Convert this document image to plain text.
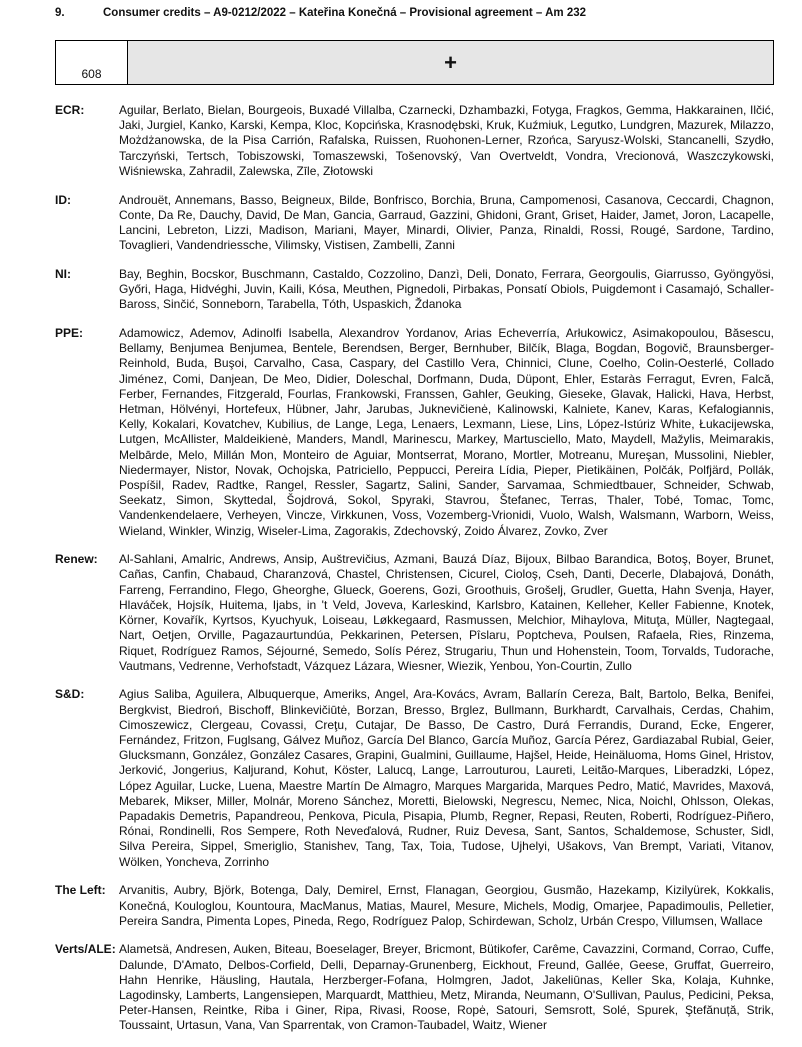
9.	Consumer credits – A9-0212/2022 – Kateřina Konečná – Provisional agreement – Am 232
608	+
ECR:	Aguilar, Berlato, Bielan, Bourgeois, Buxadé Villalba, Czarnecki, Dzhambazki, Fotyga, Fragkos, Gemma, Hakkarainen, Ilčić, Jaki, Jurgiel, Kanko, Karski, Kempa, Kloc, Kopcińska, Krasnodębski, Kruk, Kuźmiuk, Legutko, Lundgren, Mazurek, Milazzo, Możdżanowska, de la Pisa Carrión, Rafalska, Ruissen, Ruohonen-Lerner, Rzońca, Saryusz-Wolski, Stancanelli, Szydło, Tarczyński, Tertsch, Tobiszowski, Tomaszewski, Tošenovský, Van Overtveldt, Vondra, Vrecionová, Waszczykowski, Wiśniewska, Zahradil, Zalewska, Zīle, Złotowski
ID:	Androuët, Annemans, Basso, Beigneux, Bilde, Bonfrisco, Borchia, Bruna, Campomenosi, Casanova, Ceccardi, Chagnon, Conte, Da Re, Dauchy, David, De Man, Gancia, Garraud, Gazzini, Ghidoni, Grant, Griset, Haider, Jamet, Joron, Lacapelle, Lancini, Lebreton, Lizzi, Madison, Mariani, Mayer, Minardi, Olivier, Panza, Rinaldi, Rossi, Rougé, Sardone, Tardino, Tovaglieri, Vandendriessche, Vilimsky, Vistisen, Zambelli, Zanni
NI:	Bay, Beghin, Bocskor, Buschmann, Castaldo, Cozzolino, Danzì, Deli, Donato, Ferrara, Georgoulis, Giarrusso, Gyöngyösi, Győri, Haga, Hidvéghi, Juvin, Kaili, Kósa, Meuthen, Pignedoli, Pirbakas, Ponsatí Obiols, Puigdemont i Casamajó, Schaller-Baross, Sinčić, Sonneborn, Tarabella, Tóth, Uspaskich, Ždanoka
PPE:	Adamowicz, Ademov, Adinolfi Isabella, Alexandrov Yordanov, Arias Echeverría, Arłukowicz, Asimakopoulou, Băsescu, Bellamy, Benjumea Benjumea, Bentele, Berendsen, Berger, Bernhuber, Bilčík, Blaga, Bogdan, Bogovič, Braunsberger-Reinhold, Buda, Buşoi, Carvalho, Casa, Caspary, del Castillo Vera, Chinnici, Clune, Coelho, Colin-Oesterlé, Collado Jiménez, Comi, Danjean, De Meo, Didier, Doleschal, Dorfmann, Duda, Düpont, Ehler, Estaràs Ferragut, Evren, Falcă, Ferber, Fernandes, Fitzgerald, Fourlas, Frankowski, Franssen, Gahler, Geuking, Gieseke, Glavak, Halicki, Hava, Herbst, Hetman, Hölvényi, Hortefeux, Hübner, Jahr, Jarubas, Juknevičienė, Kalinowski, Kalniete, Kanev, Karas, Kefalogiannis, Kelly, Kokalari, Kovatchev, Kubilius, de Lange, Lega, Lenaers, Lexmann, Liese, Lins, López-Istúriz White, Łukacijewska, Lutgen, McAllister, Maldeikienė, Manders, Mandl, Marinescu, Markey, Martusciello, Mato, Maydell, Mažylis, Meimarakis, Melbārde, Melo, Millán Mon, Monteiro de Aguiar, Montserrat, Morano, Mortler, Motreanu, Mureşan, Mussolini, Niebler, Niedermayer, Nistor, Novak, Ochojska, Patriciello, Peppucci, Pereira Lídia, Pieper, Pietikäinen, Polčák, Polfjärd, Pollák, Pospíšil, Radev, Radtke, Rangel, Ressler, Sagartz, Salini, Sander, Sarvamaa, Schmiedtbauer, Schneider, Schwab, Seekatz, Simon, Skyttedal, Šojdrová, Sokol, Spyraki, Stavrou, Štefanec, Terras, Thaler, Tobé, Tomac, Tomc, Vandenkendelaere, Verheyen, Vincze, Virkkunen, Voss, Vozemberg-Vrionidi, Vuolo, Walsh, Walsmann, Warborn, Weiss, Wieland, Winkler, Winzig, Wiseler-Lima, Zagorakis, Zdechovský, Zoido Álvarez, Zovko, Zver
Renew:	Al-Sahlani, Amalric, Andrews, Ansip, Auštrevičius, Azmani, Bauzá Díaz, Bijoux, Bilbao Barandica, Botoş, Boyer, Brunet, Cañas, Canfin, Chabaud, Charanzová, Chastel, Christensen, Cicurel, Cioloş, Cseh, Danti, Decerle, Dlabajová, Donáth, Farreng, Ferrandino, Flego, Gheorghe, Glueck, Goerens, Gozi, Groothuis, Grošelj, Grudler, Guetta, Hahn Svenja, Hayer, Hlaváček, Hojsík, Huitema, Ijabs, in 't Veld, Joveva, Karleskind, Karlsbro, Katainen, Kelleher, Keller Fabienne, Knotek, Körner, Kovařík, Kyrtsos, Kyuchyuk, Loiseau, Løkkegaard, Rasmussen, Melchior, Mihaylova, Mituţa, Müller, Nagtegaal, Nart, Oetjen, Orville, Pagazaurtundúa, Pekkarinen, Petersen, Pîslaru, Poptcheva, Poulsen, Rafaela, Ries, Rinzema, Riquet, Rodríguez Ramos, Séjourné, Semedo, Solís Pérez, Strugariu, Thun und Hohenstein, Toom, Torvalds, Tudorache, Vautmans, Vedrenne, Verhofstadt, Vázquez Lázara, Wiesner, Wiezik, Yenbou, Yon-Courtin, Zullo
S&D:	Agius Saliba, Aguilera, Albuquerque, Ameriks, Angel, Ara-Kovács, Avram, Ballarín Cereza, Balt, Bartolo, Belka, Benifei, Bergkvist, Biedroń, Bischoff, Blinkevičiūtė, Borzan, Bresso, Brglez, Bullmann, Burkhardt, Carvalhais, Cerdas, Chahim, Cimoszewicz, Clergeau, Covassi, Creţu, Cutajar, De Basso, De Castro, Durá Ferrandis, Durand, Ecke, Engerer, Fernández, Fritzon, Fuglsang, Gálvez Muñoz, García Del Blanco, García Muñoz, García Pérez, Gardiazabal Rubial, Geier, Glucksmann, González, González Casares, Grapini, Gualmini, Guillaume, Hajšel, Heide, Heinäluoma, Homs Ginel, Hristov, Jerković, Jongerius, Kaljurand, Kohut, Köster, Lalucq, Lange, Larrouturou, Laureti, Leitão-Marques, Liberadzki, López, López Aguilar, Lucke, Luena, Maestre Martín De Almagro, Marques Margarida, Marques Pedro, Matić, Mavrides, Maxová, Mebarek, Mikser, Miller, Molnár, Moreno Sánchez, Moretti, Bielowski, Negrescu, Nemec, Nica, Noichl, Ohlsson, Olekas, Papadakis Demetris, Papandreou, Penkova, Picula, Pisapia, Plumb, Regner, Repasi, Reuten, Roberti, Rodríguez-Piñero, Rónai, Rondinelli, Ros Sempere, Roth Neveďalová, Rudner, Ruiz Devesa, Sant, Santos, Schaldemose, Schuster, Sidl, Silva Pereira, Sippel, Smeriglio, Stanishev, Tang, Tax, Toia, Tudose, Ujhelyi, Ušakovs, Van Brempt, Variati, Vitanov, Wölken, Yoncheva, Zorrinho
The Left:	Arvanitis, Aubry, Björk, Botenga, Daly, Demirel, Ernst, Flanagan, Georgiou, Gusmão, Hazekamp, Kizilyürek, Kokkalis, Konečná, Kouloglou, Kountoura, MacManus, Matias, Maurel, Mesure, Michels, Modig, Omarjee, Papadimoulis, Pelletier, Pereira Sandra, Pimenta Lopes, Pineda, Rego, Rodríguez Palop, Schirdewan, Scholz, Urbán Crespo, Villumsen, Wallace
Verts/ALE: Alametsä, Andresen, Auken, Biteau, Boeselager, Breyer, Bricmont, Bütikofer, Carême, Cavazzini, Cormand, Corrao, Cuffe, Dalunde, D'Amato, Delbos-Corfield, Delli, Deparnay-Grunenberg, Eickhout, Freund, Gallée, Geese, Gruffat, Guerreiro, Hahn Henrike, Häusling, Hautala, Herzberger-Fofana, Holmgren, Jadot, Jakeliūnas, Keller Ska, Kolaja, Kuhnke, Lagodinsky, Lamberts, Langensiepen, Marquardt, Matthieu, Metz, Miranda, Neumann, O'Sullivan, Paulus, Pedicini, Peksa, Peter-Hansen, Reintke, Riba i Giner, Ripa, Rivasi, Roose, Ropė, Satouri, Semsrott, Solé, Spurek, Ştefănuță, Strik, Toussaint, Urtasun, Vana, Van Sparrentak, von Cramon-Taubadel, Waitz, Wiener
